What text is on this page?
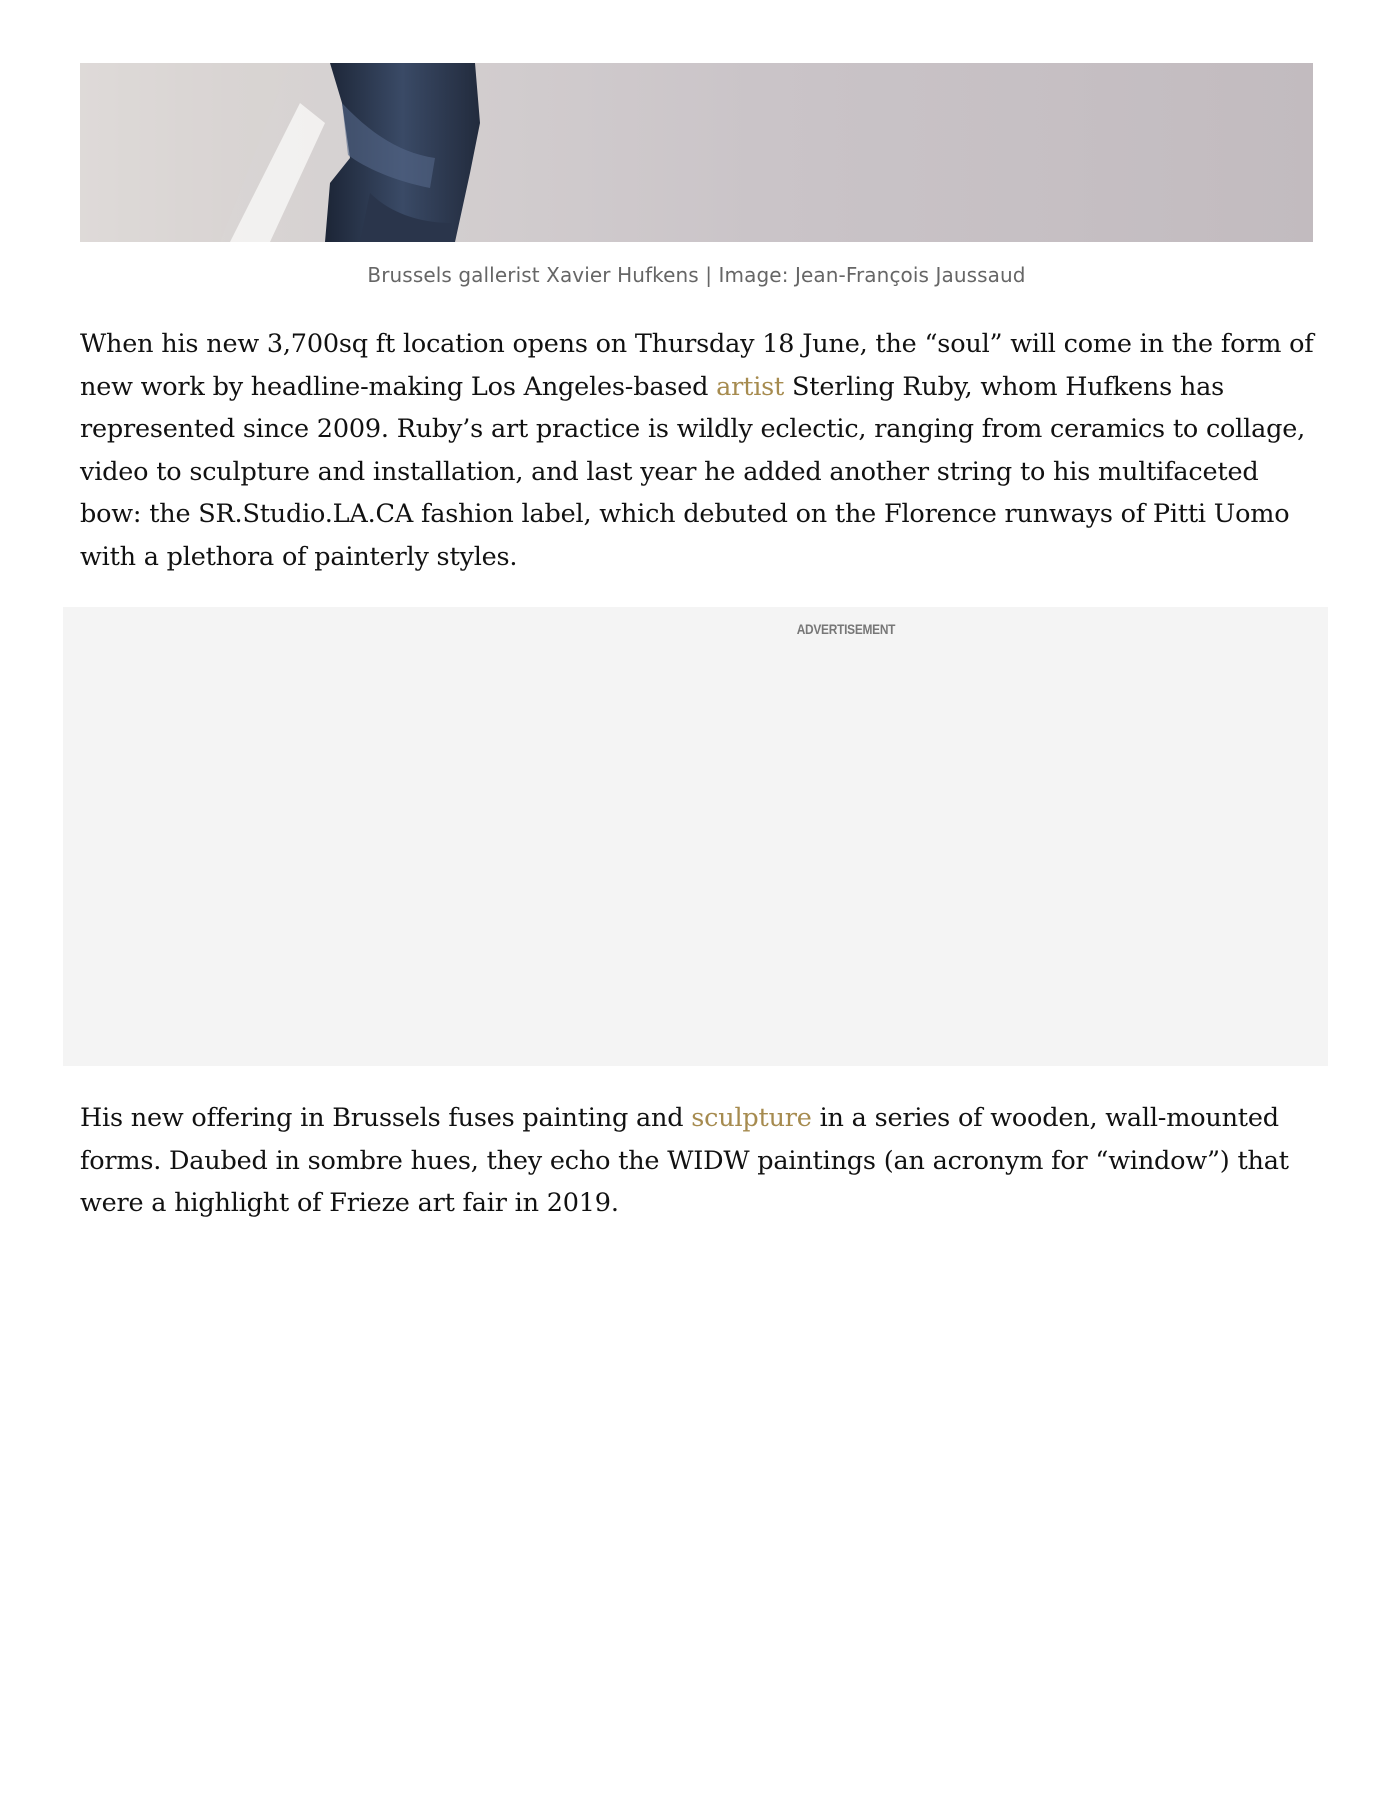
Brussels gallerist Xavier Hufkens | Image: Jean-François Jaussaud

When his new 3,700sq ft location opens on Thursday 18 June, the “soul” will come in the form of new work by headline-making Los Angeles-based artist Sterling Ruby, whom Hufkens has represented since 2009. Ruby’s art practice is wildly eclectic, ranging from ceramics to collage, video to sculpture and installation, and last year he added another string to his multifaceted bow: the SR.Studio.LA.CA fashion label, which debuted on the Florence runways of Pitti Uomo with a plethora of painterly styles.

ADVERTISEMENT

His new offering in Brussels fuses painting and sculpture in a series of wooden, wall-mounted forms. Daubed in sombre hues, they echo the WIDW paintings (an acronym for “window”) that were a highlight of Frieze art fair in 2019.
